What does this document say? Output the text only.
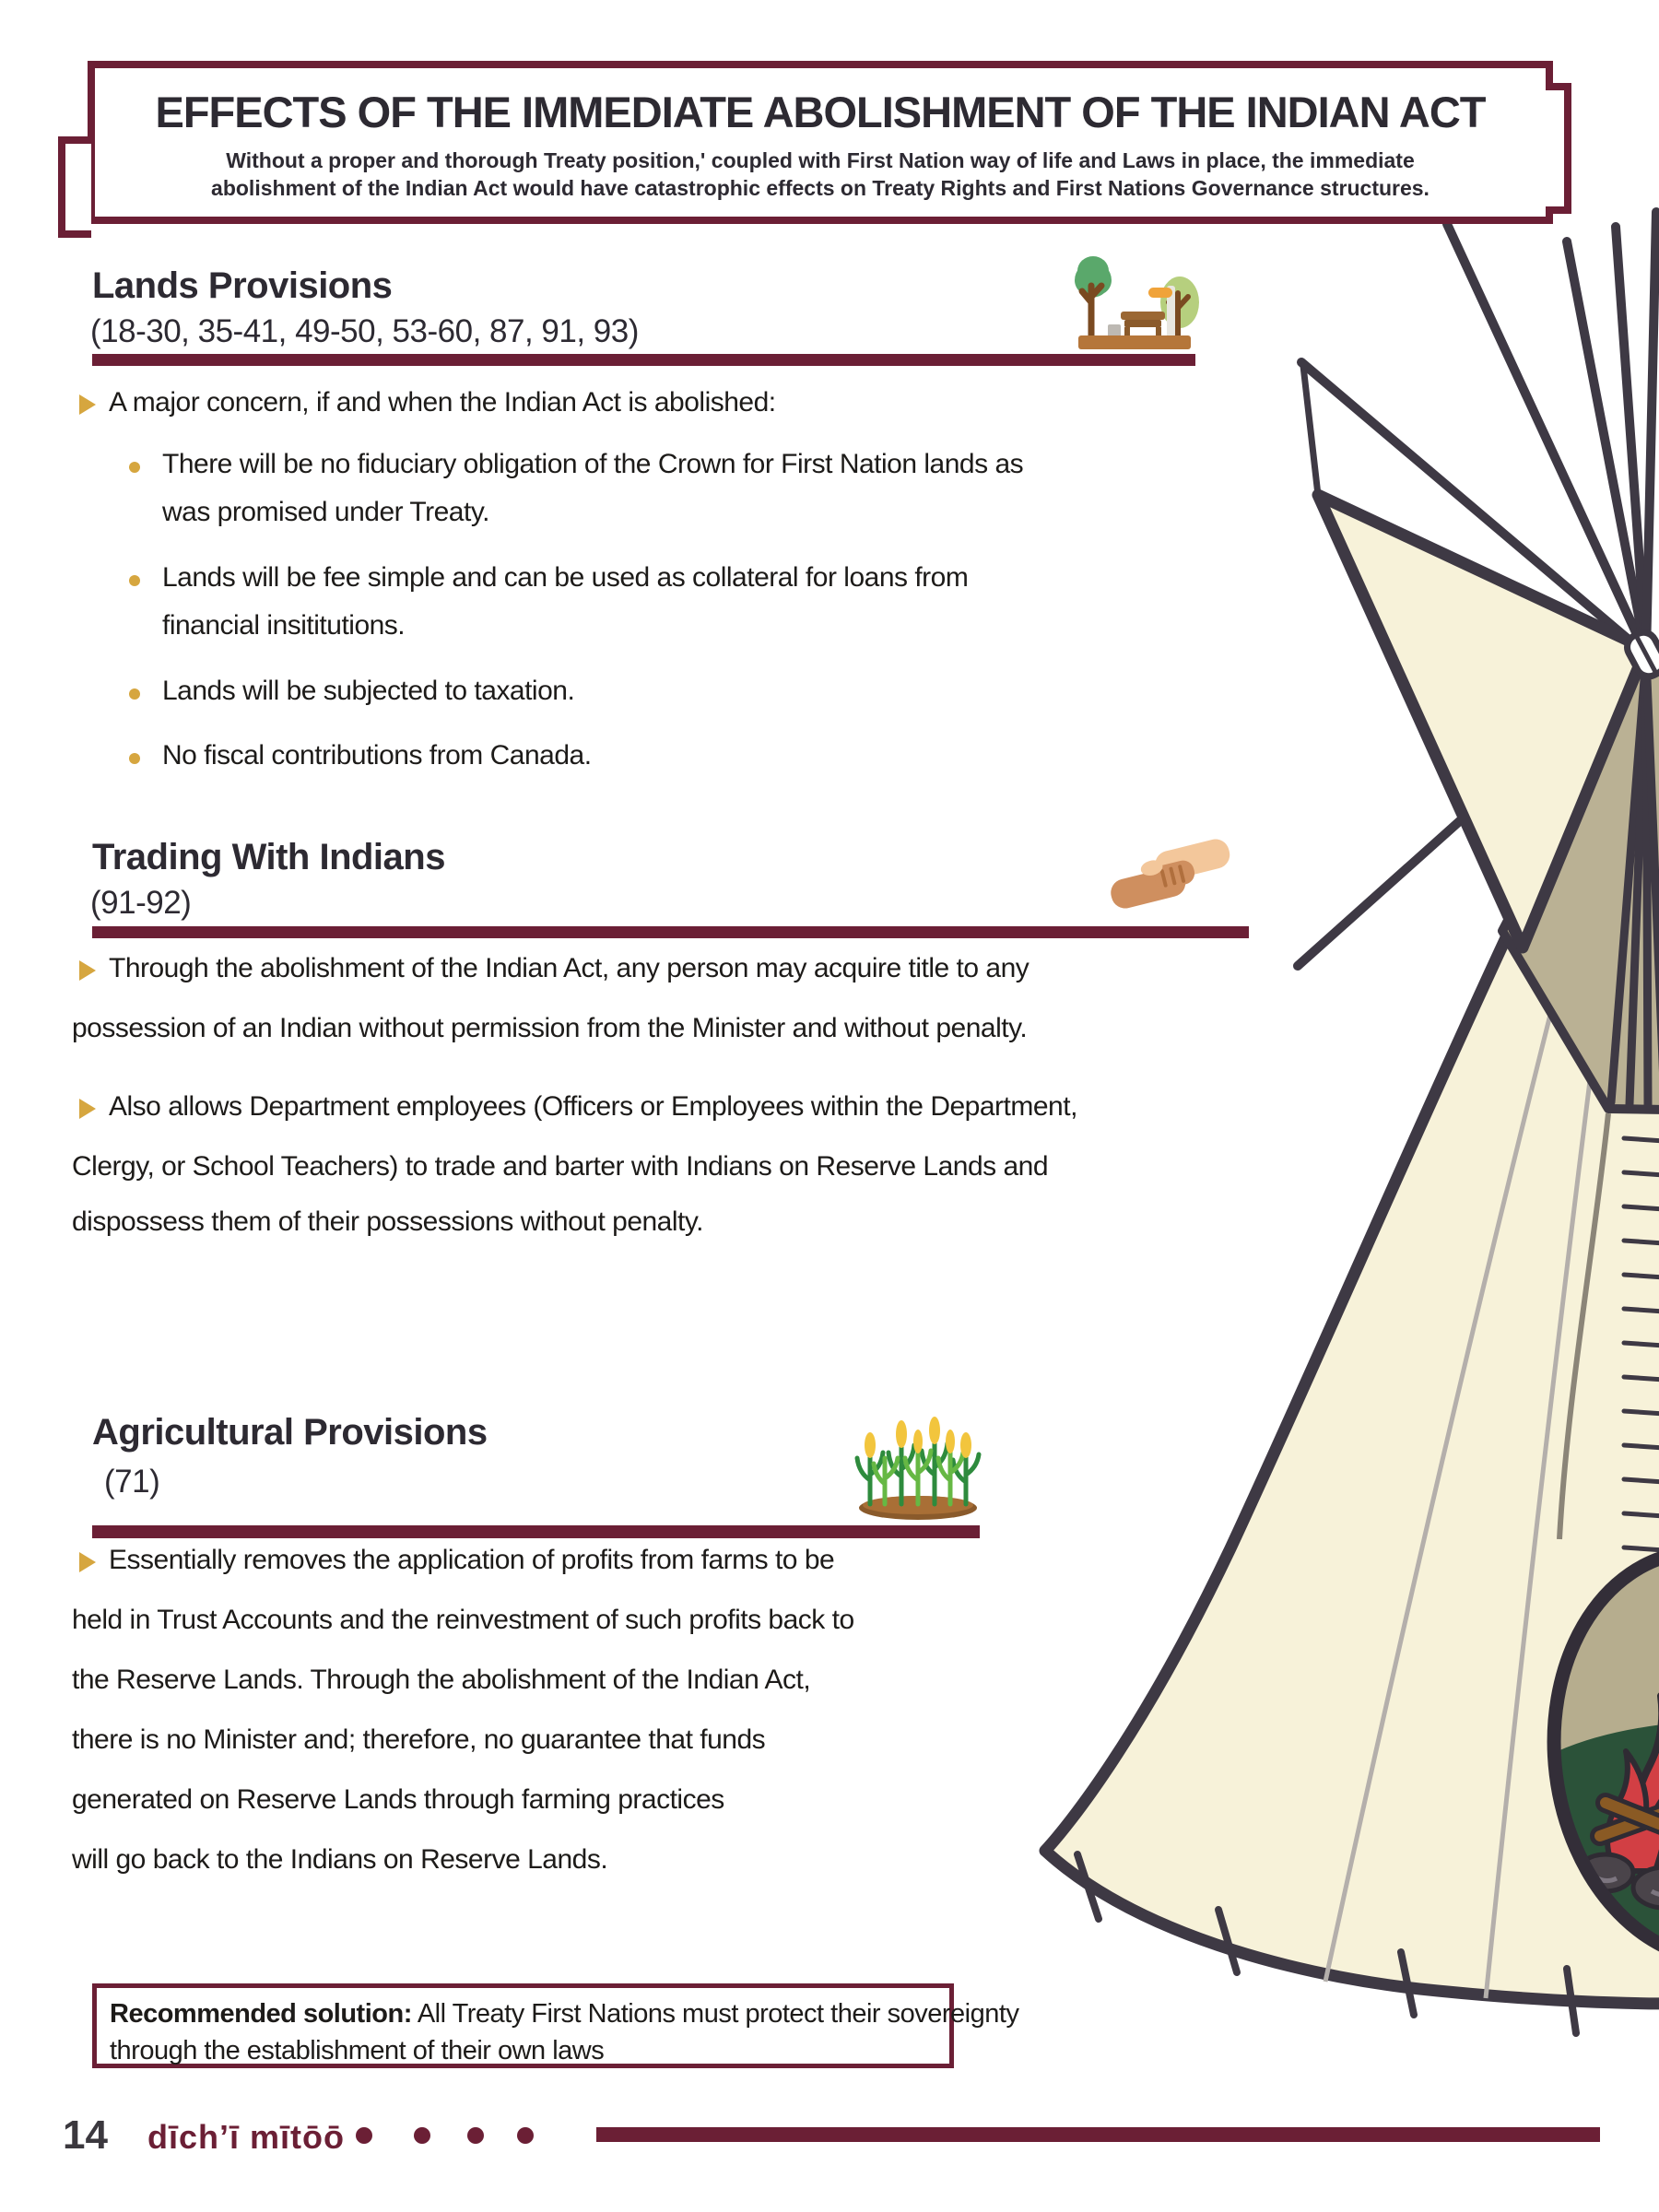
EFFECTS OF THE IMMEDIATE ABOLISHMENT OF THE INDIAN ACT
Without a proper and thorough Treaty position,' coupled with First Nation way of life and Laws in place, the immediate
abolishment of the Indian Act would have catastrophic effects on Treaty Rights and First Nations Governance structures.
Lands Provisions
(18-30, 35-41, 49-50, 53-60, 87, 91, 93)
A major concern, if and when the Indian Act is abolished:
There will be no fiduciary obligation of the Crown for First Nation lands as
was promised under Treaty.
Lands will be fee simple and can be used as collateral for loans from
financial insititutions.
Lands will be subjected to taxation.
No fiscal contributions from Canada.
Trading With Indians
(91-92)
Through the abolishment of the Indian Act, any person may acquire title to any
possession of an Indian without permission from the Minister and without penalty.
Also allows Department employees (Officers or Employees within the Department,
Clergy, or School Teachers) to trade and barter with Indians on Reserve Lands and
dispossess them of their possessions without penalty.
Agricultural Provisions
(71)
Essentially removes the application of profits from farms to be
held in Trust Accounts and the reinvestment of such profits back to
the Reserve Lands. Through the abolishment of the Indian Act,
there is no Minister and; therefore, no guarantee that funds
generated on Reserve Lands through farming practices
will go back to the Indians on Reserve Lands.
Recommended solution: All Treaty First Nations must protect their sovereignty
through the establishment of their own laws
14 dīch’ī mītōō
